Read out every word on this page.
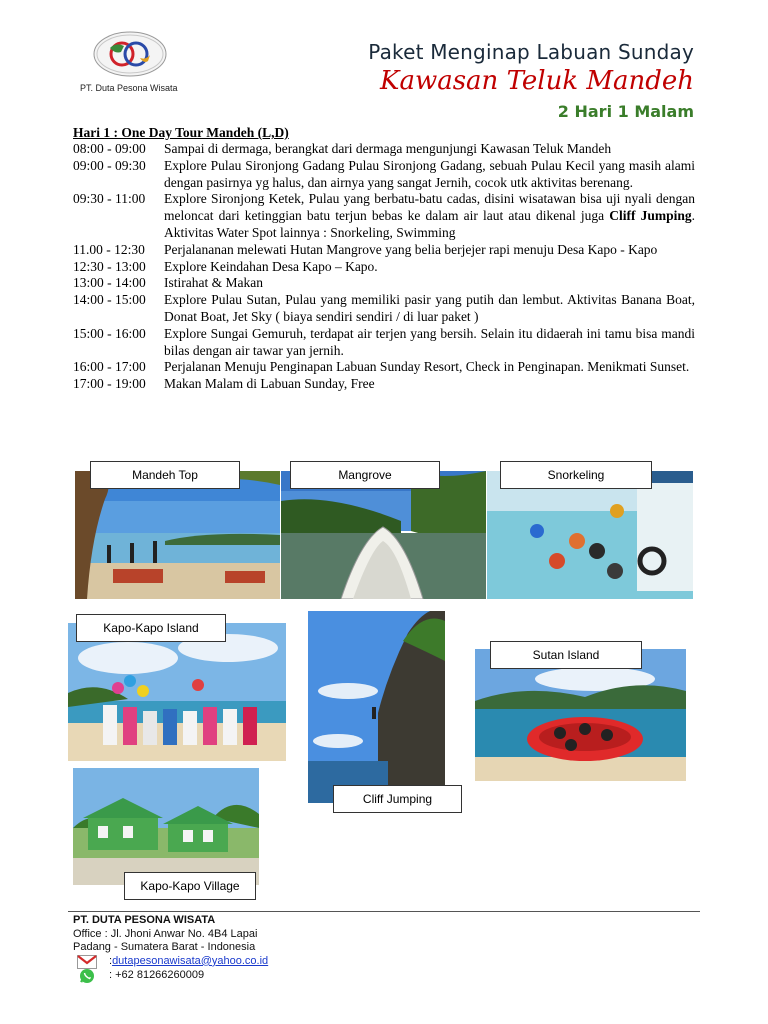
PT. Duta Pesona Wisata
Paket Menginap Labuan Sunday
Kawasan Teluk Mandeh
2 Hari 1 Malam
Hari 1 : One Day Tour Mandeh (L,D)
08:00 - 09:00	Sampai di dermaga, berangkat dari dermaga mengunjungi Kawasan Teluk Mandeh
09:00 - 09:30	Explore Pulau Sironjong Gadang Pulau Sironjong Gadang, sebuah Pulau Kecil yang masih alami dengan pasirnya yg halus, dan airnya yang sangat Jernih, cocok utk aktivitas berenang.
09:30 - 11:00	Explore Sironjong Ketek, Pulau yang berbatu-batu cadas, disini wisatawan bisa uji nyali dengan meloncat dari ketinggian batu terjun bebas ke dalam air laut atau dikenal juga Cliff Jumping. Aktivitas Water Spot lainnya : Snorkeling, Swimming
11.00 - 12:30	Perjalananan melewati Hutan Mangrove yang belia berjejer rapi menuju Desa Kapo - Kapo
12:30 - 13:00	Explore Keindahan Desa Kapo – Kapo.
13:00 - 14:00	Istirahat & Makan
14:00 - 15:00	Explore Pulau Sutan, Pulau yang memiliki pasir yang putih dan lembut. Aktivitas Banana Boat, Donat Boat, Jet Sky ( biaya sendiri sendiri / di luar paket )
15:00 - 16:00	Explore Sungai Gemuruh, terdapat air terjen yang bersih. Selain itu didaerah ini tamu bisa mandi bilas dengan air tawar yan jernih.
16:00 - 17:00	Perjalanan Menuju Penginapan Labuan Sunday Resort, Check in Penginapan. Menikmati Sunset.
17:00 - 19:00	Makan Malam di Labuan Sunday, Free
Mandeh Top	Mangrove	Snorkeling
Kapo-Kapo Island
Cliff Jumping
Sutan Island
Kapo-Kapo Village
PT. DUTA PESONA WISATA
Office : Jl. Jhoni Anwar No. 4B4 Lapai
Padang - Sumatera Barat - Indonesia
: dutapesonawisata@yahoo.co.id
: +62 81266260009
